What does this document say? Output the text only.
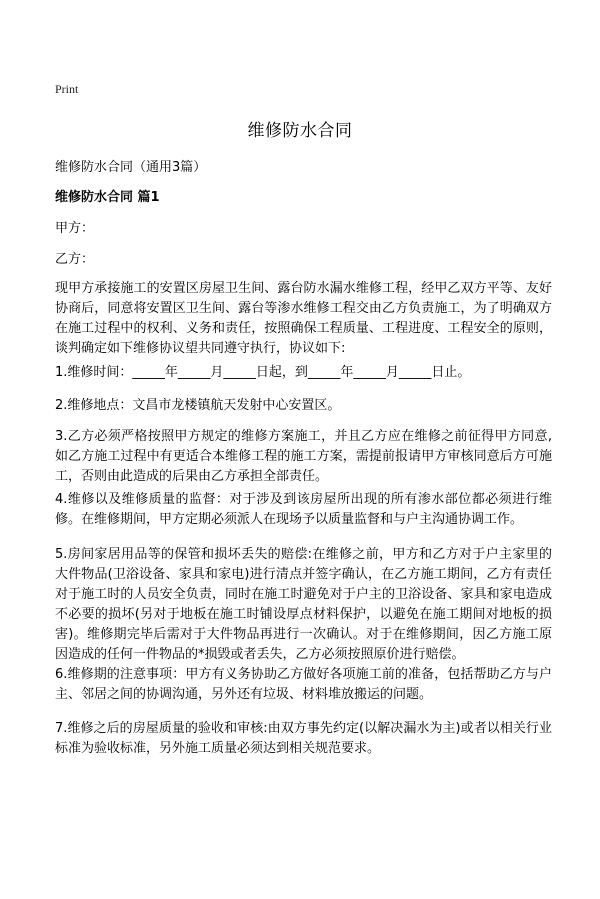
Print
维修防水合同
维修防水合同（通用3篇）
维修防水合同 篇1
甲方：
乙方：

现甲方承接施工的安置区房屋卫生间、露台防水漏水维修工程，经甲乙双方平等、友好协商后，同意将安置区卫生间、露台等渗水维修工程交由乙方负责施工，为了明确双方在施工过程中的权利、义务和责任，按照确保工程质量、工程进度、工程安全的原则，谈判确定如下维修协议望共同遵守执行，协议如下:

1.维修时间：_____年_____月_____日起，到_____年_____月_____日止。

2.维修地点：文昌市龙楼镇航天发射中心安置区。

3.乙方必须严格按照甲方规定的维修方案施工，并且乙方应在维修之前征得甲方同意,如乙方施工过程中有更适合本维修工程的施工方案，需提前报请甲方审核同意后方可施工，否则由此造成的后果由乙方承担全部责任。

4.维修以及维修质量的监督：对于涉及到该房屋所出现的所有渗水部位都必须进行维修。在维修期间，甲方定期必须派人在现场予以质量监督和与户主沟通协调工作。

5.房间家居用品等的保管和损坏丢失的赔偿:在维修之前，甲方和乙方对于户主家里的大件物品(卫浴设备、家具和家电)进行清点并签字确认，在乙方施工期间，乙方有责任对于施工时的人员安全负责，同时在施工时避免对于户主的卫浴设备、家具和家电造成不必要的损坏(另对于地板在施工时铺设厚点材料保护，以避免在施工期间对地板的损害)。维修期完毕后需对于大件物品再进行一次确认。对于在维修期间，因乙方施工原因造成的任何一件物品的*损毁或者丢失，乙方必须按照原价进行赔偿。

6.维修期的注意事项：甲方有义务协助乙方做好各项施工前的准备，包括帮助乙方与户主、邻居之间的协调沟通，另外还有垃圾、材料堆放搬运的问题。

7.维修之后的房屋质量的验收和审核:由双方事先约定(以解决漏水为主)或者以相关行业标准为验收标准，另外施工质量必须达到相关规范要求。
